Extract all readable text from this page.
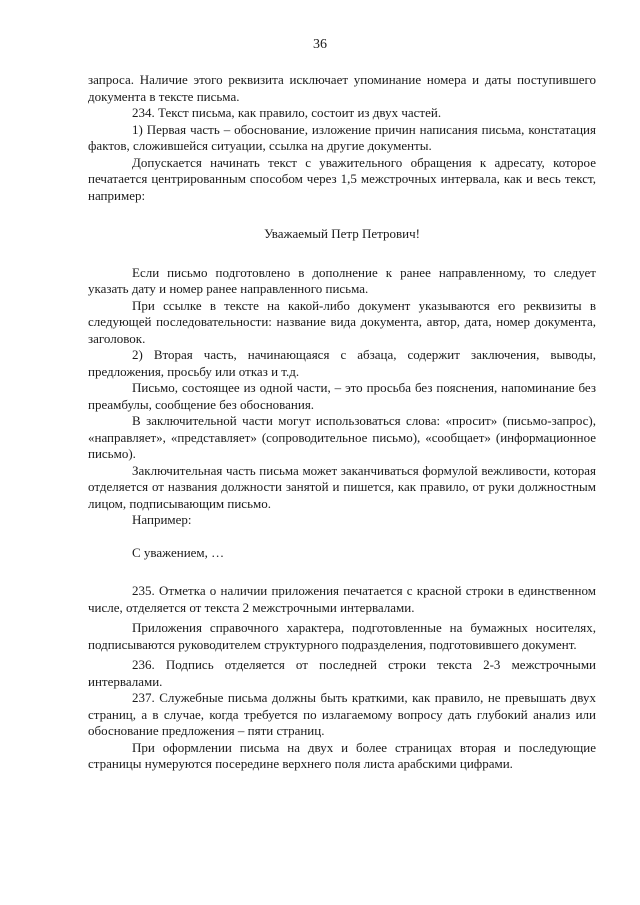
36

запроса. Наличие этого реквизита исключает упоминание номера и даты поступившего документа в тексте письма.

234. Текст письма, как правило, состоит из двух частей.

1) Первая часть – обоснование, изложение причин написания письма, констатация фактов, сложившейся ситуации, ссылка на другие документы.

Допускается начинать текст с уважительного обращения к адресату, которое печатается центрированным способом через 1,5 межстрочных интервала, как и весь текст, например:

Уважаемый Петр Петрович!

Если письмо подготовлено в дополнение к ранее направленному, то следует указать дату и номер ранее направленного письма.

При ссылке в тексте на какой-либо документ указываются его реквизиты в следующей последовательности: название вида документа, автор, дата, номер документа, заголовок.

2) Вторая часть, начинающаяся с абзаца, содержит заключения, выводы, предложения, просьбу или отказ и т.д.

Письмо, состоящее из одной части, – это просьба без пояснения, напоминание без преамбулы, сообщение без обоснования.

В заключительной части могут использоваться слова: «просит» (письмо-запрос), «направляет», «представляет» (сопроводительное письмо), «сообщает» (информационное письмо).

Заключительная часть письма может заканчиваться формулой вежливости, которая отделяется от названия должности занятой и пишется, как правило, от руки должностным лицом, подписывающим письмо.

Например:

С уважением, …

235. Отметка о наличии приложения печатается с красной строки в единственном числе, отделяется от текста 2 межстрочными интервалами.

Приложения справочного характера, подготовленные на бумажных носителях, подписываются руководителем структурного подразделения, подготовившего документ.

236. Подпись отделяется от последней строки текста 2-3 межстрочными интервалами.

237. Служебные письма должны быть краткими, как правило, не превышать двух страниц, а в случае, когда требуется по излагаемому вопросу дать глубокий анализ или обоснование предложения – пяти страниц.

При оформлении письма на двух и более страницах вторая и последующие страницы нумеруются посередине верхнего поля листа арабскими цифрами.
